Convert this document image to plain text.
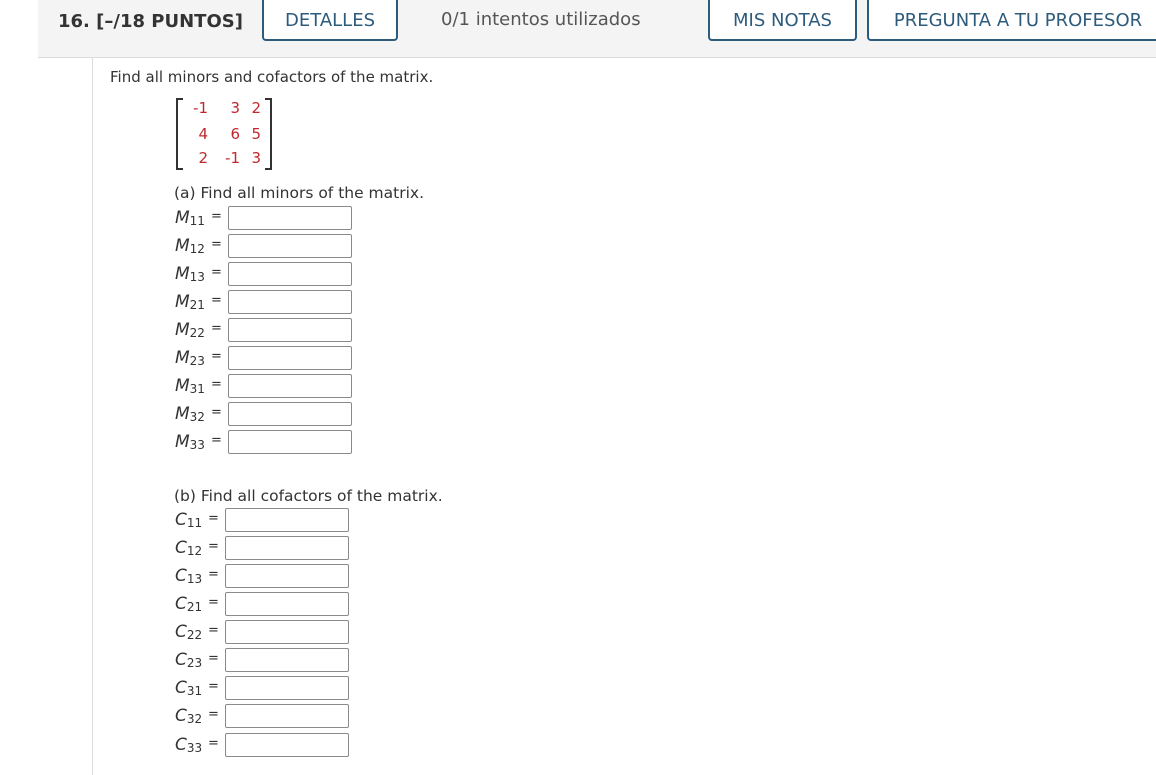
16. [–/18 PUNTOS]	DETALLES	0/1 intentos utilizados	MIS NOTAS	PREGUNTA A TU PROFESOR
Find all minors and cofactors of the matrix.
-1	3 2
4	6 5
2	-1 3
(a) Find all minors of the matrix.
$M_{11}$ =
$M_{12}$ =
$M_{13}$ =
$M_{21}$ =
$M_{22}$ =
$M_{23}$ =
$M_{31}$ =
$M_{32}$ =
$M_{33}$ =
(b) Find all cofactors of the matrix.
$C_{11}$ =
$C_{12}$ =
$C_{13}$ =
$C_{21}$ =
$C_{22}$ =
$C_{23}$ =
$C_{31}$ =
$C_{32}$ =
$C_{33}$ =
